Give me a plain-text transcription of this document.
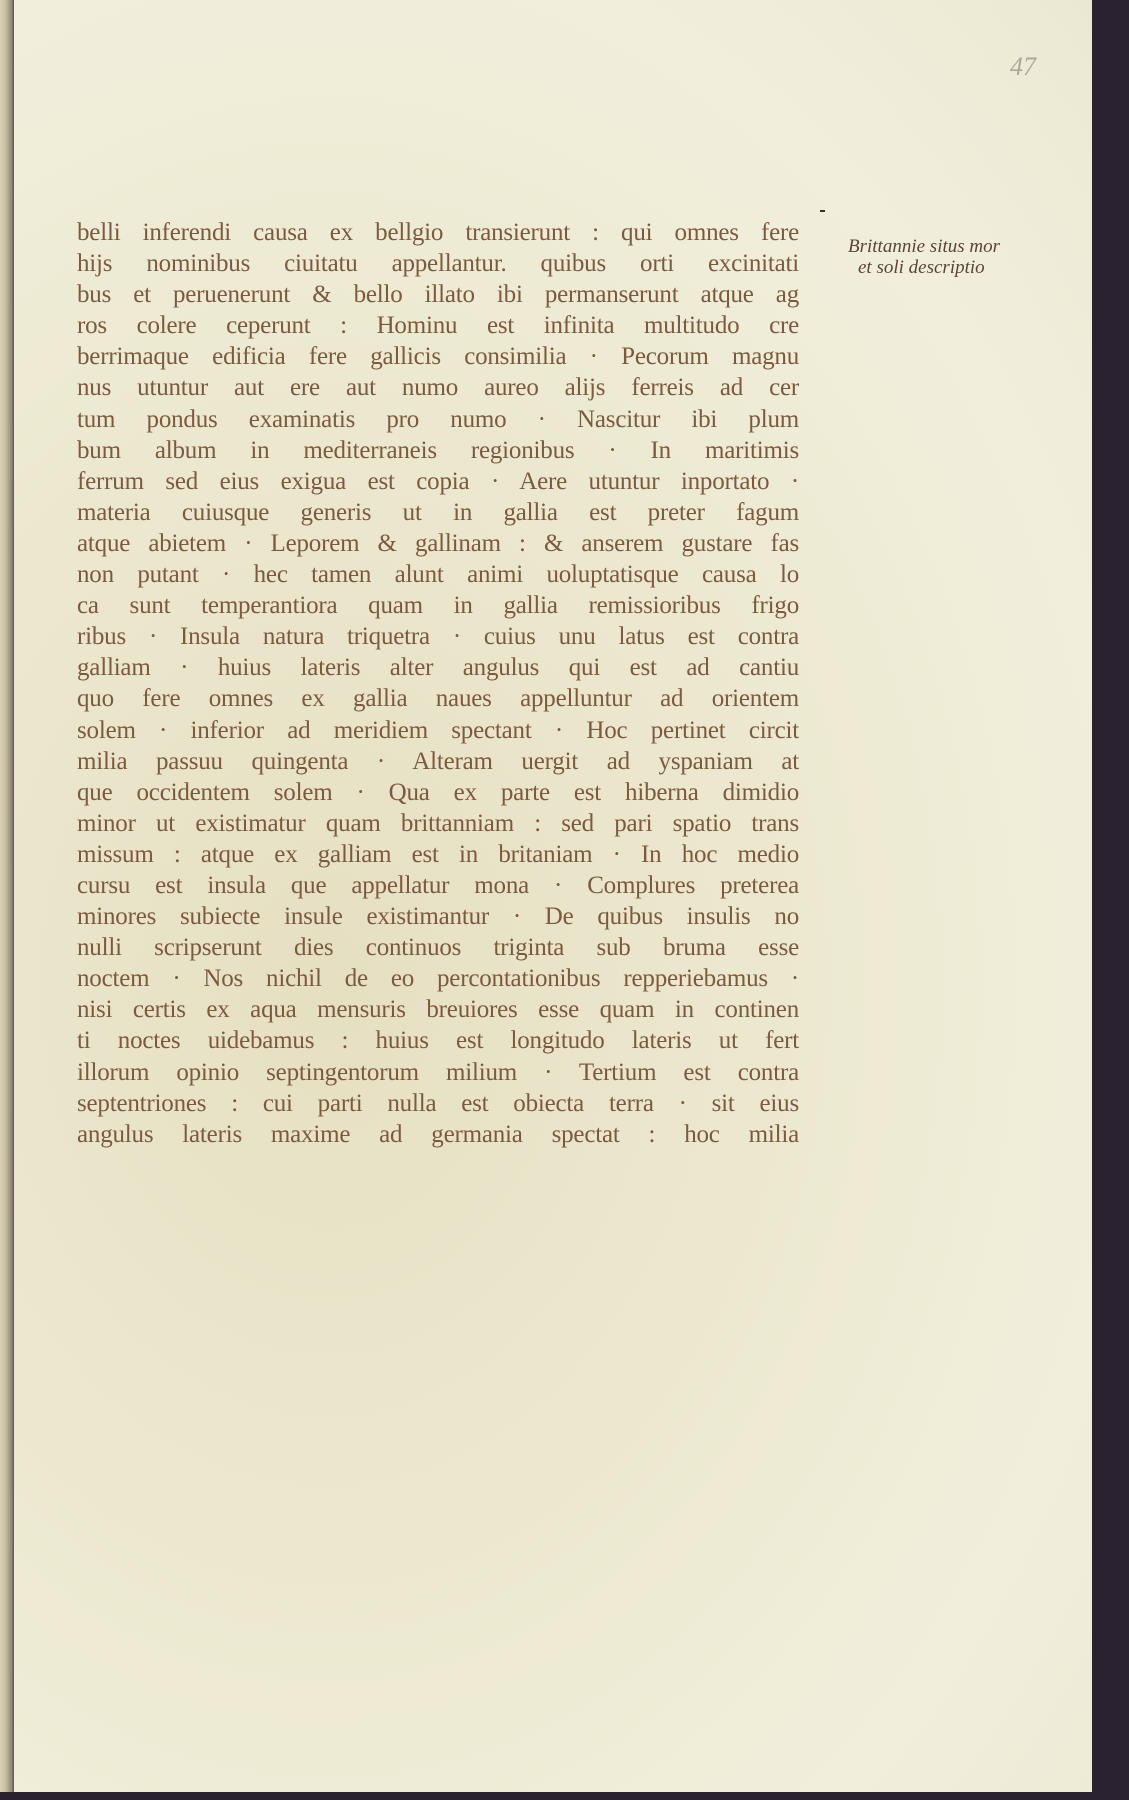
47
Brittannie situs mor
et soli descriptio
belli inferendi causa ex bellgio transierunt : qui omnes fere
hijs nominibus ciuitatu appellantur. quibus orti excinitati
bus et peruenerunt & bello illato ibi permanserunt atque ag
ros colere ceperunt : Hominu est infinita multitudo cre
berrimaque edificia fere gallicis consimilia · Pecorum magnu
nus utuntur aut ere aut numo aureo alijs ferreis ad cer
tum pondus examinatis pro numo · Nascitur ibi plum
bum album in mediterraneis regionibus · In maritimis
ferrum sed eius exigua est copia · Aere utuntur inportato ·
materia cuiusque generis ut in gallia est preter fagum
atque abietem · Leporem & gallinam : & anserem gustare fas
non putant · hec tamen alunt animi uoluptatisque causa lo
ca sunt temperantiora quam in gallia remissioribus frigo
ribus · Insula natura triquetra · cuius unu latus est contra
galliam · huius lateris alter angulus qui est ad cantiu
quo fere omnes ex gallia naues appelluntur ad orientem
solem · inferior ad meridiem spectant · Hoc pertinet circit
milia passuu quingenta · Alteram uergit ad yspaniam at
que occidentem solem · Qua ex parte est hiberna dimidio
minor ut existimatur quam brittanniam : sed pari spatio trans
missum : atque ex galliam est in britaniam · In hoc medio
cursu est insula que appellatur mona · Complures preterea
minores subiecte insule existimantur · De quibus insulis no
nulli scripserunt dies continuos triginta sub bruma esse
noctem · Nos nichil de eo percontationibus repperiebamus ·
nisi certis ex aqua mensuris breuiores esse quam in continen
ti noctes uidebamus : huius est longitudo lateris ut fert
illorum opinio septingentorum milium · Tertium est contra
septentriones : cui parti nulla est obiecta terra · sit eius
angulus lateris maxime ad germania spectat : hoc milia
